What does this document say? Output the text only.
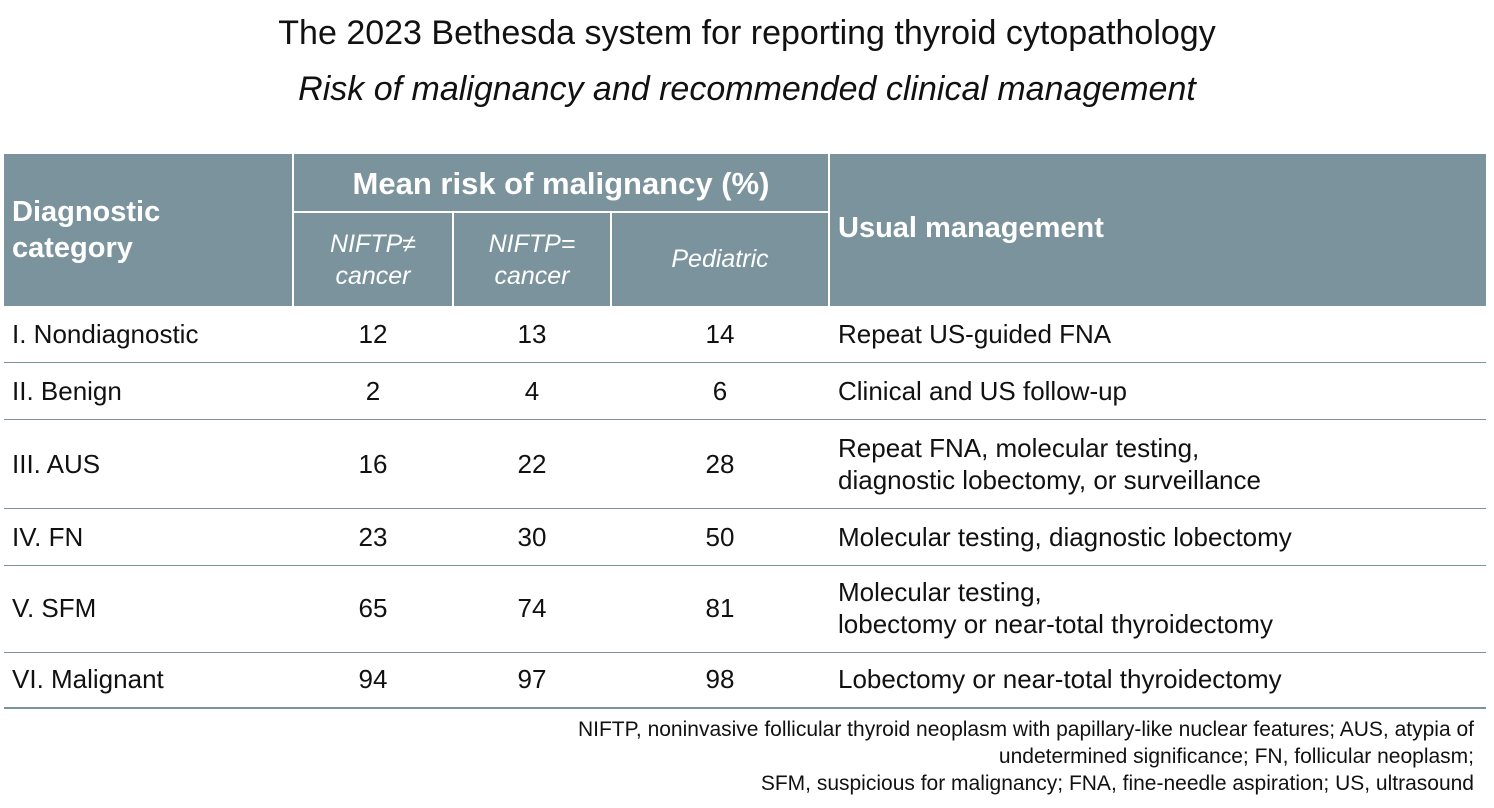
The 2023 Bethesda system for reporting thyroid cytopathology
Risk of malignancy and recommended clinical management
Diagnostic
category
Mean risk of malignancy (%)
NIFTP≠
cancer
NIFTP=
cancer
Pediatric
Usual management
I. Nondiagnostic	12	13	14	Repeat US-guided FNA
II. Benign	2	4	6	Clinical and US follow-up
III. AUS	16	22	28
Repeat FNA, molecular testing,
diagnostic lobectomy, or surveillance
IV. FN	23	30	50	Molecular testing, diagnostic lobectomy
V. SFM	65	74	81
Molecular testing,
lobectomy or near-total thyroidectomy
VI. Malignant	94	97	98	Lobectomy or near-total thyroidectomy
NIFTP, noninvasive follicular thyroid neoplasm with papillary-like nuclear features; AUS, atypia of
undetermined significance; FN, follicular neoplasm;
SFM, suspicious for malignancy; FNA, fine-needle aspiration; US, ultrasound
